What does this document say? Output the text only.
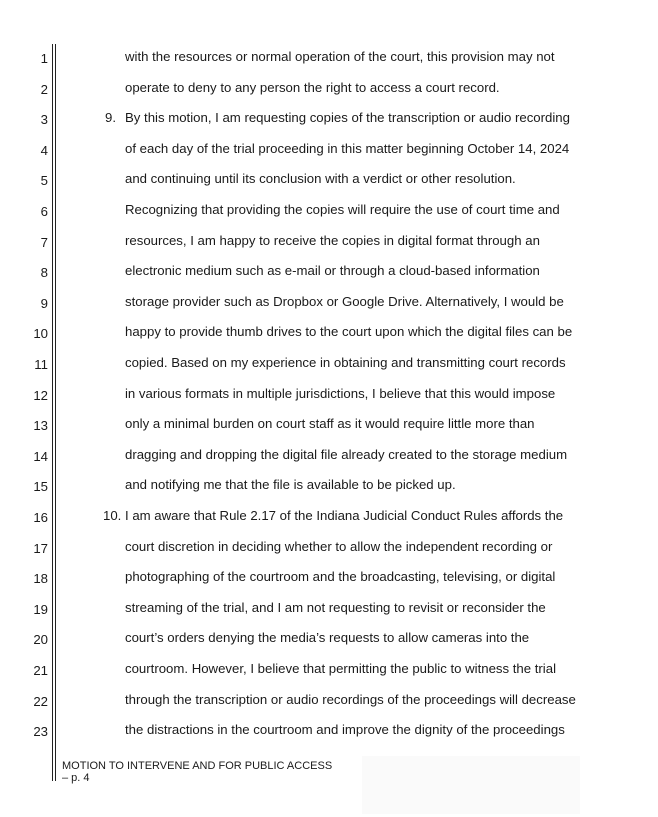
1
2
3
4
5
6
7
8
9
10
11
12
13
14
15
16
17
18
19
20
21
22
23
with the resources or normal operation of the court, this provision may not
operate to deny to any person the right to access a court record.
By this motion, I am requesting copies of the transcription or audio recording
of each day of the trial proceeding in this matter beginning October 14, 2024
and continuing until its conclusion with a verdict or other resolution.
Recognizing that providing the copies will require the use of court time and
resources, I am happy to receive the copies in digital format through an
electronic medium such as e-mail or through a cloud-based information
storage provider such as Dropbox or Google Drive. Alternatively, I would be
happy to provide thumb drives to the court upon which the digital files can be
copied. Based on my experience in obtaining and transmitting court records
in various formats in multiple jurisdictions, I believe that this would impose
only a minimal burden on court staff as it would require little more than
dragging and dropping the digital file already created to the storage medium
and notifying me that the file is available to be picked up.
I am aware that Rule 2.17 of the Indiana Judicial Conduct Rules affords the
court discretion in deciding whether to allow the independent recording or
photographing of the courtroom and the broadcasting, televising, or digital
streaming of the trial, and I am not requesting to revisit or reconsider the
court’s orders denying the media’s requests to allow cameras into the
courtroom. However, I believe that permitting the public to witness the trial
through the transcription or audio recordings of the proceedings will decrease
the distractions in the courtroom and improve the dignity of the proceedings
9.
10.
MOTION TO INTERVENE AND FOR PUBLIC ACCESS
– p. 4
